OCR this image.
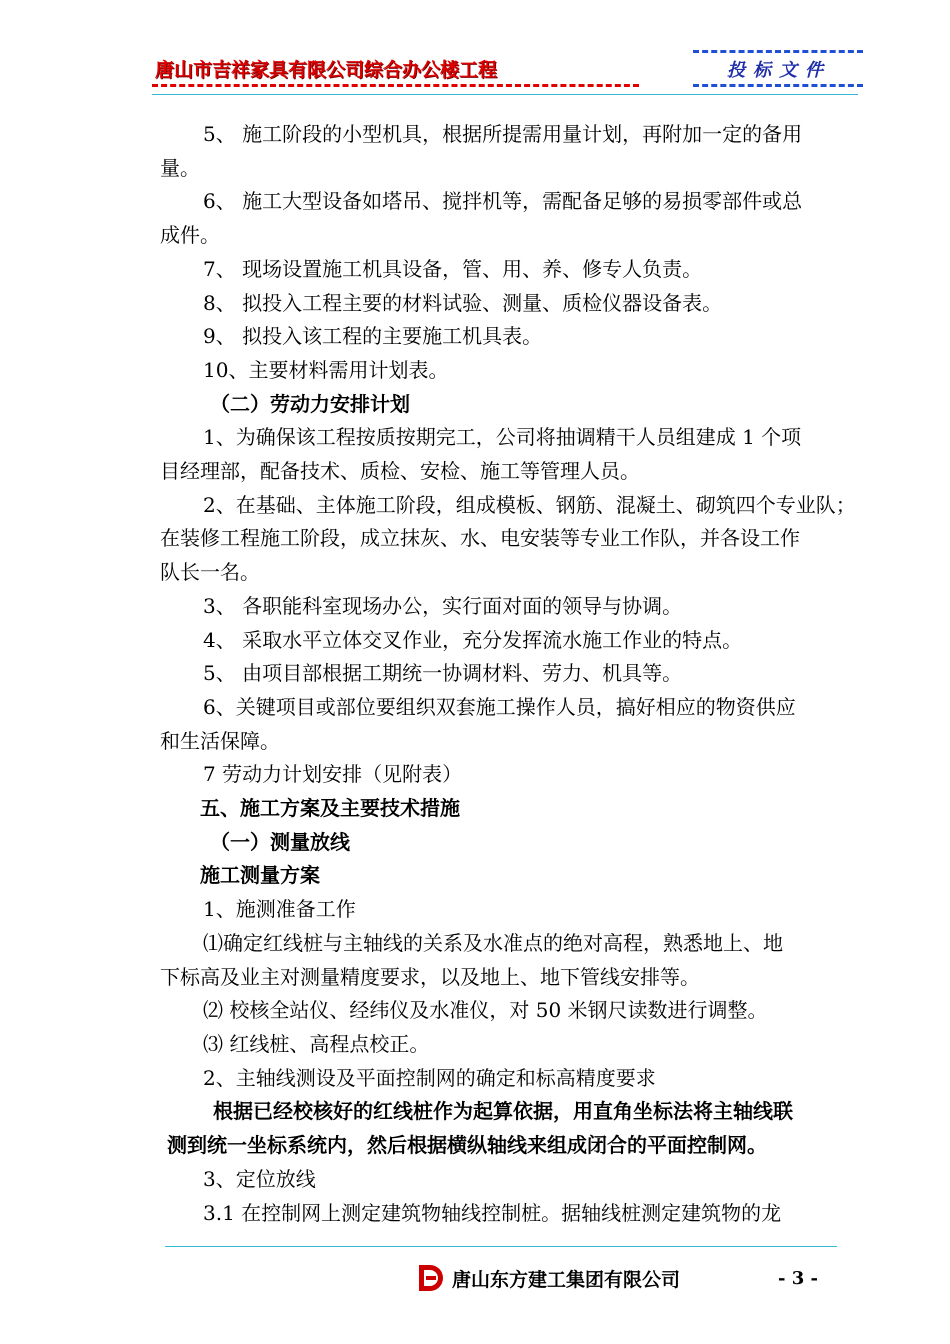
唐山市吉祥家具有限公司综合办公楼工程	投标文件

5、 施工阶段的小型机具，根据所提需用量计划，再附加一定的备用

量。

6、 施工大型设备如塔吊、搅拌机等，需配备足够的易损零部件或总

成件。

7、 现场设置施工机具设备，管、用、养、修专人负责。

8、 拟投入工程主要的材料试验、测量、质检仪器设备表。

9、 拟投入该工程的主要施工机具表。

10、主要材料需用计划表。

（二）劳动力安排计划

1、为确保该工程按质按期完工，公司将抽调精干人员组建成 1 个项

目经理部，配备技术、质检、安检、施工等管理人员。

2、在基础、主体施工阶段，组成模板、钢筋、混凝土、砌筑四个专业队；

在装修工程施工阶段，成立抹灰、水、电安装等专业工作队，并各设工作

队长一名。

3、 各职能科室现场办公，实行面对面的领导与协调。

4、 采取水平立体交叉作业，充分发挥流水施工作业的特点。

5、 由项目部根据工期统一协调材料、劳力、机具等。

6、关键项目或部位要组织双套施工操作人员，搞好相应的物资供应

和生活保障。

7 劳动力计划安排（见附表）

五、施工方案及主要技术措施

（一）测量放线

施工测量方案

1、施测准备工作

⑴确定红线桩与主轴线的关系及水准点的绝对高程，熟悉地上、地

下标高及业主对测量精度要求，以及地上、地下管线安排等。

⑵ 校核全站仪、经纬仪及水准仪，对 50 米钢尺读数进行调整。

⑶ 红线桩、高程点校正。

2、主轴线测设及平面控制网的确定和标高精度要求

根据已经校核好的红线桩作为起算依据，用直角坐标法将主轴线联

测到统一坐标系统内，然后根据横纵轴线来组成闭合的平面控制网。

3、定位放线

3.1 在控制网上测定建筑物轴线控制桩。据轴线桩测定建筑物的龙

唐山东方建工集团有限公司	- 3 -
